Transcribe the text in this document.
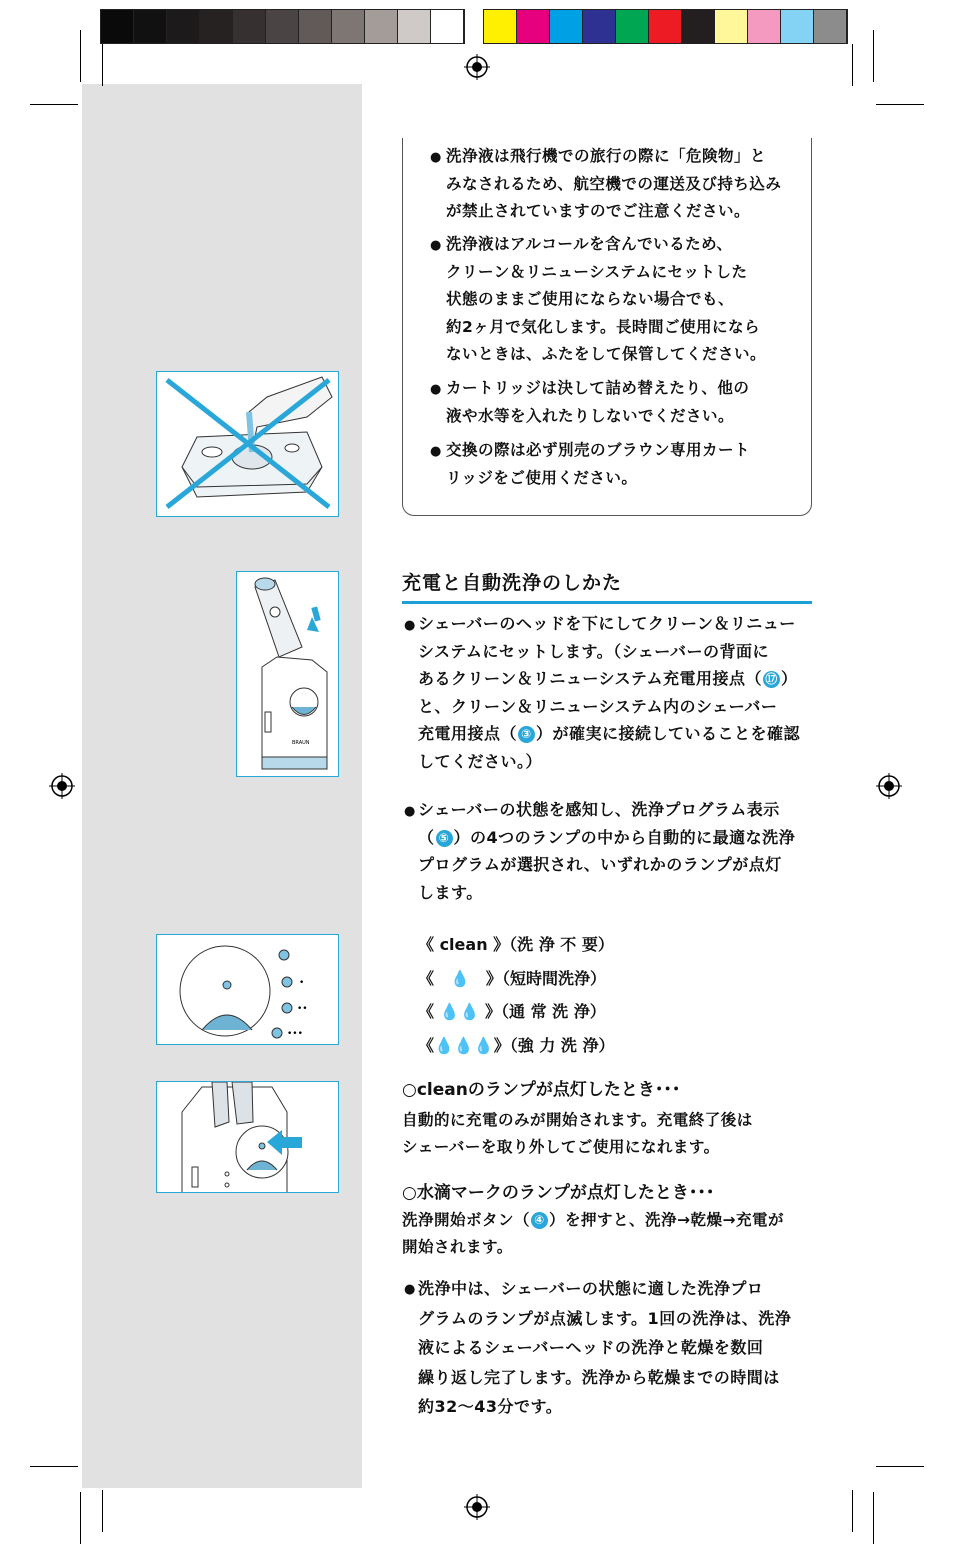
BRAUN
•
••
•••
● 洗浄液は飛行機での旅行の際に「危険物」と
みなされるため、航空機での運送及び持ち込み
が禁止されていますのでご注意ください。
● 洗浄液はアルコールを含んでいるため、
クリーン＆リニューシステムにセットした
状態のままご使用にならない場合でも、
約2ヶ月で気化します。長時間ご使用になら
ないときは、ふたをして保管してください。
● カートリッジは決して詰め替えたり、他の
液や水等を入れたりしないでください。
● 交換の際は必ず別売のブラウン専用カート
リッジをご使用ください。
充電と自動洗浄のしかた
● シェーバーのヘッドを下にしてクリーン＆リニュー
システムにセットします。（シェーバーの背面に
あるクリーン＆リニューシステム充電用接点（ ⑰ ）
と、クリーン＆リニューシステム内のシェーバー
充電用接点（ ③ ）が確実に接続していることを確認
してください。）
● シェーバーの状態を感知し、洗浄プログラム表示
（ ⑤ ）の4つのランプの中から自動的に最適な洗浄
プログラムが選択され、いずれかのランプが点灯
します。
《 clean 》（洗 浄 不 要）
《　💧　》（短時間洗浄）
《 💧💧 》（通 常 洗 浄）
《💧💧💧》（強 力 洗 浄）
○cleanのランプが点灯したとき･･･
自動的に充電のみが開始されます。充電終了後は
シェーバーを取り外してご使用になれます。
○水滴マークのランプが点灯したとき･･･
洗浄開始ボタン（ ④ ）を押すと、洗浄→乾燥→充電が
開始されます。
● 洗浄中は、シェーバーの状態に適した洗浄プロ
グラムのランプが点滅します。1回の洗浄は、洗浄
液によるシェーバーヘッドの洗浄と乾燥を数回
繰り返し完了します。洗浄から乾燥までの時間は
約32～43分です。
